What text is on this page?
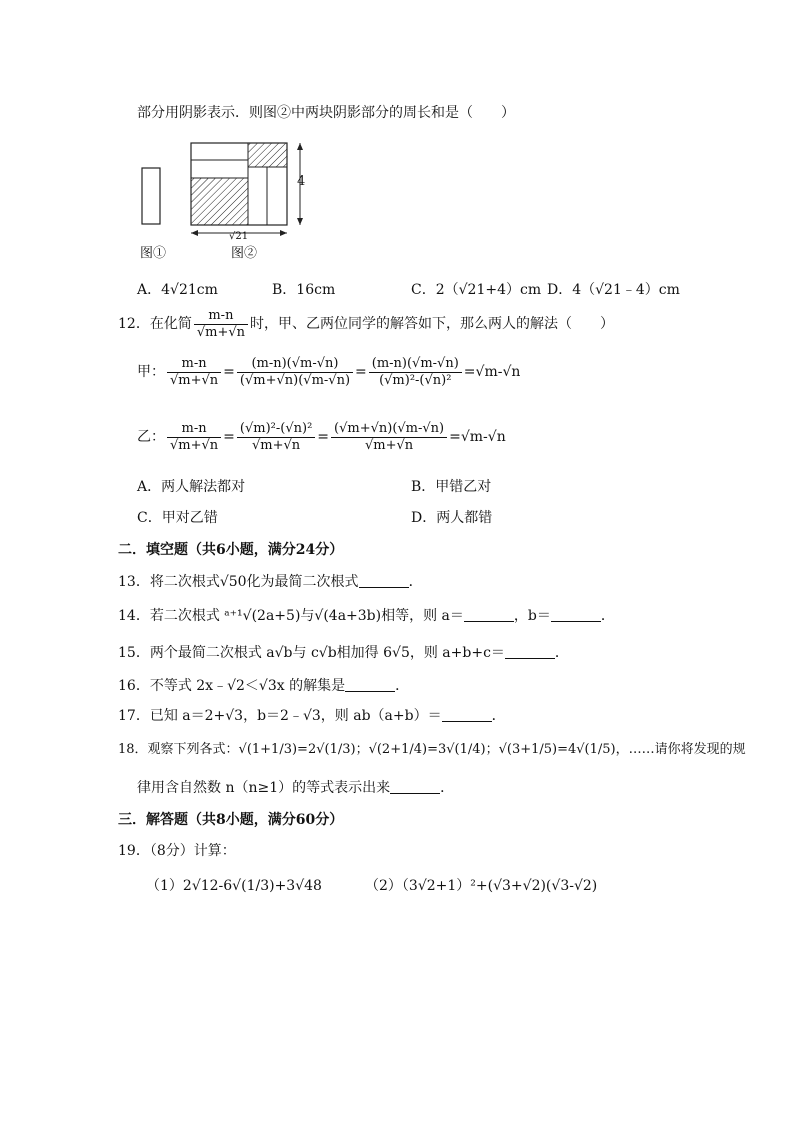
部分用阴影表示．则图②中两块阴影部分的周长和是（　　）
4
√21
图①	图②
A．4√21cm	B．16cm	C．2（√21+4）cm D．4（√21﹣4）cm
12．在化简 $\frac{m-n}{√m+√n}$ 时，甲、乙两位同学的解答如下，那么两人的解法（　　）
甲： $\frac{m-n}{√m+√n} = \frac{(m-n)(√m-√n)}{(√m+√n)(√m-√n)} = \frac{(m-n)(√m-√n)}{\text{(√m)²-(√n)²}} =√m-√n$
乙： $\frac{m-n}{√m+√n} = \frac{\text{(√m)²-(√n)²}}{√m+√n} = \frac{(√m+√n)(√m-√n)}{√m+√n} =√m-√n$
A．两人解法都对	B．甲错乙对
C．甲对乙错	D．两人都错
二．填空题（共6小题，满分24分）
13．将二次根式√50化为最简二次根式	．
14．若二次根式 ᵃ⁺¹√(2a+5)与√(4a+3b)相等，则 a＝	，b＝	．
15．两个最简二次根式 a√b与 c√b相加得 6√5，则 a+b+c＝	．
16．不等式 2x﹣√2＜√3x 的解集是	．
17．已知 a＝2+√3，b＝2﹣√3，则 ab（a+b）＝	．
18．观察下列各式：√(1+1/3)=2√(1/3)；√(2+1/4)=3√(1/4)；√(3+1/5)=4√(1/5)，……请你将发现的规
律用含自然数 n（n≥1）的等式表示出来	．
三．解答题（共8小题，满分60分）
19．（8分）计算：
（1）2√12-6√(1/3)+3√48	（2）（3√2+1）²+(√3+√2)(√3-√2)
